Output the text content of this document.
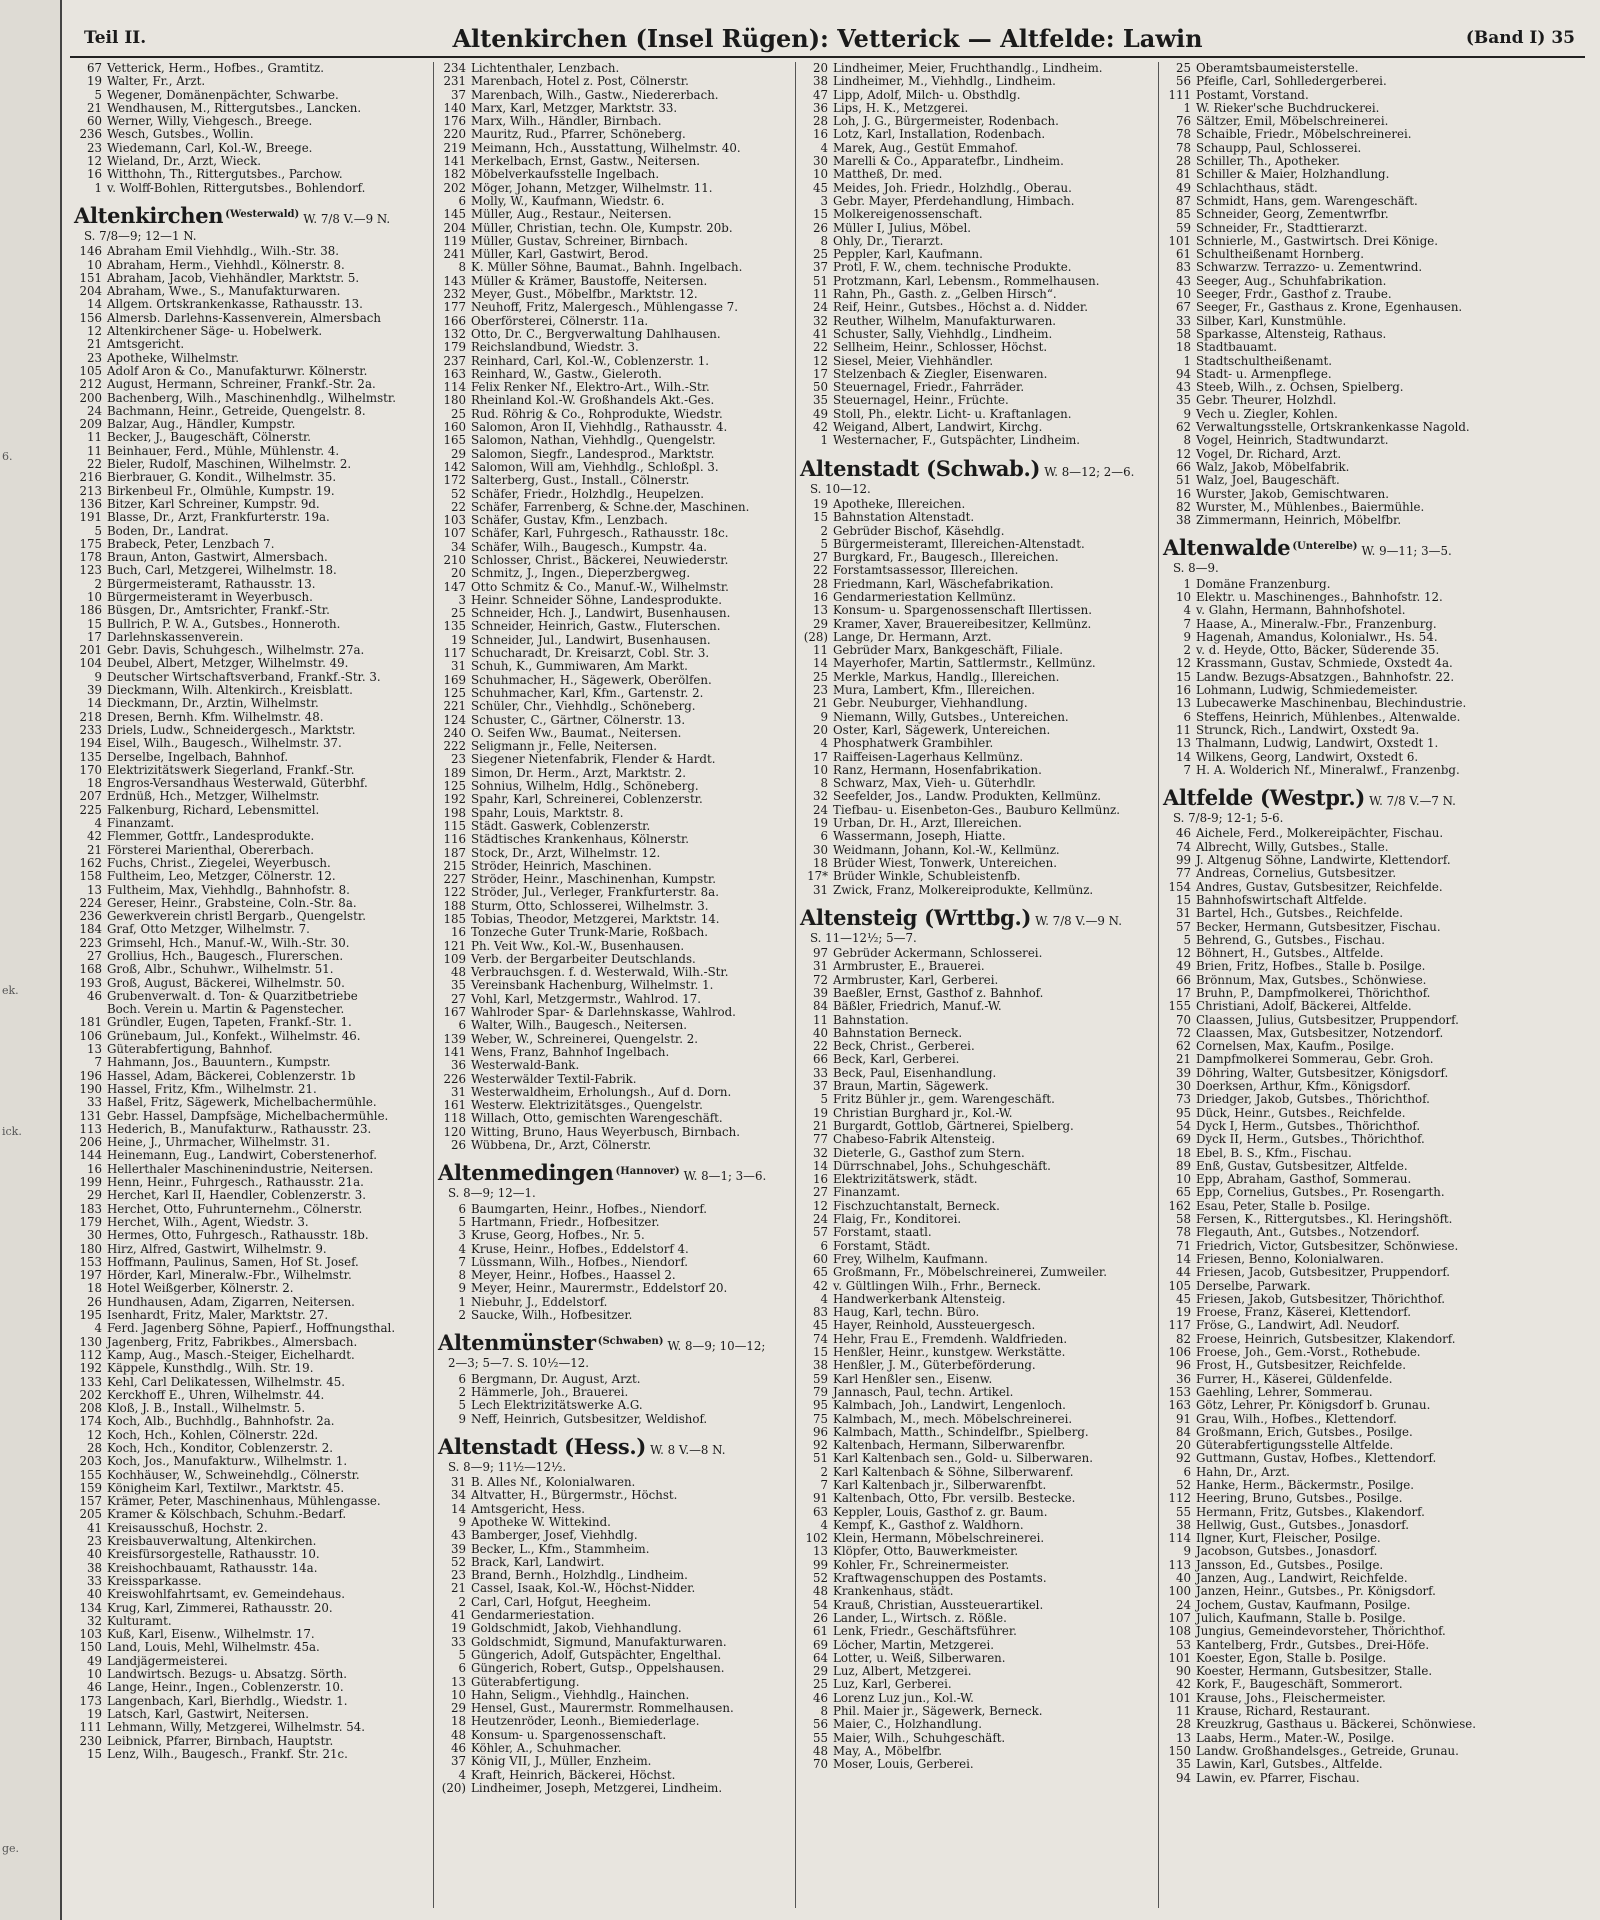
6.
ek.
ick.
ge.
Teil II.	Altenkirchen (Insel Rügen): Vetterick — Altfelde: Lawin	(Band I) 35
67 Vetterick, Herm., Hofbes., Gramtitz.
19 Walter, Fr., Arzt.
5 Wegener, Domänenpächter, Schwarbe.
21 Wendhausen, M., Rittergutsbes., Lancken.
60 Werner, Willy, Viehgesch., Breege.
236 Wesch, Gutsbes., Wollin.
23 Wiedemann, Carl, Kol.-W., Breege.
12 Wieland, Dr., Arzt, Wieck.
16 Witthohn, Th., Rittergutsbes., Parchow.
1 v. Wolff-Bohlen, Rittergutsbes., Bohlendorf.
Altenkirchen $^{(Westerwald)}$ W. 7/8 V.—9 N.
S. 7/8—9; 12—1 N.
146 Abraham Emil Viehhdlg., Wilh.-Str. 38.
10 Abraham, Herm., Viehhdl., Kölnerstr. 8.
151 Abraham, Jacob, Viehhändler, Marktstr. 5.
204 Abraham, Wwe., S., Manufakturwaren.
14 Allgem. Ortskrankenkasse, Rathausstr. 13.
156 Almersb. Darlehns-Kassenverein, Almersbach
12 Altenkirchener Säge- u. Hobelwerk.
21 Amtsgericht.
23 Apotheke, Wilhelmstr.
105 Adolf Aron & Co., Manufakturwr. Kölnerstr.
212 August, Hermann, Schreiner, Frankf.-Str. 2a.
200 Bachenberg, Wilh., Maschinenhdlg., Wilhelmstr.
24 Bachmann, Heinr., Getreide, Quengelstr. 8.
209 Balzar, Aug., Händler, Kumpstr.
11 Becker, J., Baugeschäft, Cölnerstr.
11 Beinhauer, Ferd., Mühle, Mühlenstr. 4.
22 Bieler, Rudolf, Maschinen, Wilhelmstr. 2.
216 Bierbrauer, G. Kondit., Wilhelmstr. 35.
213 Birkenbeul Fr., Ölmühle, Kumpstr. 19.
136 Bitzer, Karl Schreiner, Kumpstr. 9d.
191 Blasse, Dr., Arzt, Frankfurterstr. 19a.
5 Boden, Dr., Landrat.
175 Brabeck, Peter, Lenzbach 7.
178 Braun, Anton, Gastwirt, Almersbach.
123 Buch, Carl, Metzgerei, Wilhelmstr. 18.
2 Bürgermeisteramt, Rathausstr. 13.
10 Bürgermeisteramt in Weyerbusch.
186 Büsgen, Dr., Amtsrichter, Frankf.-Str.
15 Bullrich, P. W. A., Gutsbes., Honneroth.
17 Darlehnskassenverein.
201 Gebr. Davis, Schuhgesch., Wilhelmstr. 27a.
104 Deubel, Albert, Metzger, Wilhelmstr. 49.
9 Deutscher Wirtschaftsverband, Frankf.-Str. 3.
39 Dieckmann, Wilh. Altenkirch., Kreisblatt.
14 Dieckmann, Dr., Ärztin, Wilhelmstr.
218 Dresen, Bernh. Kfm. Wilhelmstr. 48.
233 Driels, Ludw., Schneidergesch., Marktstr.
194 Eisel, Wilh., Baugesch., Wilhelmstr. 37.
135 Derselbe, Ingelbach, Bahnhof.
170 Elektrizitätswerk Siegerland, Frankf.-Str.
18 Engros-Versandhaus Westerwald, Güterbhf.
207 Erdnüß, Hch., Metzger, Wilhelmstr.
225 Falkenburg, Richard, Lebensmittel.
4 Finanzamt.
42 Flemmer, Gottfr., Landesprodukte.
21 Försterei Marienthal, Obererbach.
162 Fuchs, Christ., Ziegelei, Weyerbusch.
158 Fultheim, Leo, Metzger, Cölnerstr. 12.
13 Fultheim, Max, Viehhdlg., Bahnhofstr. 8.
224 Gereser, Heinr., Grabsteine, Coln.-Str. 8a.
236 Gewerkverein christl Bergarb., Quengelstr.
184 Graf, Otto Metzger, Wilhelmstr. 7.
223 Grimsehl, Hch., Manuf.-W., Wilh.-Str. 30.
27 Grollius, Hch., Baugesch., Flurerschen.
168 Groß, Albr., Schuhwr., Wilhelmstr. 51.
193 Groß, August, Bäckerei, Wilhelmstr. 50.
46 Grubenverwalt. d. Ton- & Quarzitbetriebe
Boch. Verein u. Martin & Pagenstecher.
181 Gründler, Eugen, Tapeten, Frankf.-Str. 1.
106 Grünebaum, Jul., Konfekt., Wilhelmstr. 46.
13 Güterabfertigung, Bahnhof.
7 Hahmann, Jos., Bauuntern., Kumpstr.
196 Hassel, Adam, Bäckerei, Coblenzerstr. 1b
190 Hassel, Fritz, Kfm., Wilhelmstr. 21.
33 Haßel, Fritz, Sägewerk, Michelbachermühle.
131 Gebr. Hassel, Dampfsäge, Michelbachermühle.
113 Hederich, B., Manufakturw., Rathausstr. 23.
206 Heine, J., Uhrmacher, Wilhelmstr. 31.
144 Heinemann, Eug., Landwirt, Coberstenerhof.
16 Hellerthaler Maschinenindustrie, Neitersen.
199 Henn, Heinr., Fuhrgesch., Rathausstr. 21a.
29 Herchet, Karl II, Haendler, Coblenzerstr. 3.
183 Herchet, Otto, Fuhrunternehm., Cölnerstr.
179 Herchet, Wilh., Agent, Wiedstr. 3.
30 Hermes, Otto, Fuhrgesch., Rathausstr. 18b.
180 Hirz, Alfred, Gastwirt, Wilhelmstr. 9.
153 Hoffmann, Paulinus, Samen, Hof St. Josef.
197 Hörder, Karl, Mineralw.-Fbr., Wilhelmstr.
18 Hotel Weißgerber, Kölnerstr. 2.
26 Hundhausen, Adam, Zigarren, Neitersen.
195 Isenhardt, Fritz, Maler, Marktstr. 27.
4 Ferd. Jagenberg Söhne, Papierf., Hoffnungsthal.
130 Jagenberg, Fritz, Fabrikbes., Almersbach.
112 Kamp, Aug., Masch.-Steiger, Eichelhardt.
192 Käppele, Kunsthdlg., Wilh. Str. 19.
133 Kehl, Carl Delikatessen, Wilhelmstr. 45.
202 Kerckhoff E., Uhren, Wilhelmstr. 44.
208 Kloß, J. B., Install., Wilhelmstr. 5.
174 Koch, Alb., Buchhdlg., Bahnhofstr. 2a.
12 Koch, Hch., Kohlen, Cölnerstr. 22d.
28 Koch, Hch., Konditor, Coblenzerstr. 2.
203 Koch, Jos., Manufakturw., Wilhelmstr. 1.
155 Kochhäuser, W., Schweinehdlg., Cölnerstr.
159 Königheim Karl, Textilwr., Marktstr. 45.
157 Krämer, Peter, Maschinenhaus, Mühlengasse.
205 Kramer & Kölschbach, Schuhm.-Bedarf.
41 Kreisausschuß, Hochstr. 2.
23 Kreisbauverwaltung, Altenkirchen.
40 Kreisfürsorgestelle, Rathausstr. 10.
38 Kreishochbauamt, Rathausstr. 14a.
33 Kreissparkasse.
40 Kreiswohlfahrtsamt, ev. Gemeindehaus.
134 Krug, Karl, Zimmerei, Rathausstr. 20.
32 Kulturamt.
103 Kuß, Karl, Eisenw., Wilhelmstr. 17.
150 Land, Louis, Mehl, Wilhelmstr. 45a.
49 Landjägermeisterei.
10 Landwirtsch. Bezugs- u. Absatzg. Sörth.
46 Lange, Heinr., Ingen., Coblenzerstr. 10.
173 Langenbach, Karl, Bierhdlg., Wiedstr. 1.
19 Latsch, Karl, Gastwirt, Neitersen.
111 Lehmann, Willy, Metzgerei, Wilhelmstr. 54.
230 Leibnick, Pfarrer, Birnbach, Hauptstr.
15 Lenz, Wilh., Baugesch., Frankf. Str. 21c.
234 Lichtenthaler, Lenzbach.
231 Marenbach, Hotel z. Post, Cölnerstr.
37 Marenbach, Wilh., Gastw., Niedererbach.
140 Marx, Karl, Metzger, Marktstr. 33.
176 Marx, Wilh., Händler, Birnbach.
220 Mauritz, Rud., Pfarrer, Schöneberg.
219 Meimann, Hch., Ausstattung, Wilhelmstr. 40.
141 Merkelbach, Ernst, Gastw., Neitersen.
182 Möbelverkaufsstelle Ingelbach.
202 Möger, Johann, Metzger, Wilhelmstr. 11.
6 Molly, W., Kaufmann, Wiedstr. 6.
145 Müller, Aug., Restaur., Neitersen.
204 Müller, Christian, techn. Öle, Kumpstr. 20b.
119 Müller, Gustav, Schreiner, Birnbach.
241 Müller, Karl, Gastwirt, Berod.
8 K. Müller Söhne, Baumat., Bahnh. Ingelbach.
143 Müller & Krämer, Baustoffe, Neitersen.
232 Meyer, Gust., Möbelfbr., Marktstr. 12.
177 Neuhoff, Fritz, Malergesch., Mühlengasse 7.
166 Oberförsterei, Cölnerstr. 11a.
132 Otto, Dr. C., Bergverwaltung Dahlhausen.
179 Reichslandbund, Wiedstr. 3.
237 Reinhard, Carl, Kol.-W., Coblenzerstr. 1.
163 Reinhard, W., Gastw., Gieleroth.
114 Felix Renker Nf., Elektro-Art., Wilh.-Str.
180 Rheinland Kol.-W. Großhandels Akt.-Ges.
25 Rud. Röhrig & Co., Rohprodukte, Wiedstr.
160 Salomon, Aron II, Viehhdlg., Rathausstr. 4.
165 Salomon, Nathan, Viehhdlg., Quengelstr.
29 Salomon, Siegfr., Landesprod., Marktstr.
142 Salomon, Will am, Viehhdlg., Schloßpl. 3.
172 Salterberg, Gust., Install., Cölnerstr.
52 Schäfer, Friedr., Holzhdlg., Heupelzen.
22 Schäfer, Farrenberg, & Schne.der, Maschinen.
103 Schäfer, Gustav, Kfm., Lenzbach.
107 Schäfer, Karl, Fuhrgesch., Rathausstr. 18c.
34 Schäfer, Wilh., Baugesch., Kumpstr. 4a.
210 Schlosser, Christ., Bäckerei, Neuwiederstr.
20 Schmitz, J., Ingen., Dieperzbergweg.
147 Otto Schmitz & Co., Manuf.-W., Wilhelmstr.
3 Heinr. Schneider Söhne, Landesprodukte.
25 Schneider, Hch. J., Landwirt, Busenhausen.
135 Schneider, Heinrich, Gastw., Fluterschen.
19 Schneider, Jul., Landwirt, Busenhausen.
117 Schucharadt, Dr. Kreisarzt, Cobl. Str. 3.
31 Schuh, K., Gummiwaren, Am Markt.
169 Schuhmacher, H., Sägewerk, Oberölfen.
125 Schuhmacher, Karl, Kfm., Gartenstr. 2.
221 Schüler, Chr., Viehhdlg., Schöneberg.
124 Schuster, C., Gärtner, Cölnerstr. 13.
240 O. Seifen Ww., Baumat., Neitersen.
222 Seligmann jr., Felle, Neitersen.
23 Siegener Nietenfabrik, Flender & Hardt.
189 Simon, Dr. Herm., Arzt, Marktstr. 2.
125 Sohnius, Wilhelm, Hdlg., Schöneberg.
192 Spahr, Karl, Schreinerei, Coblenzerstr.
198 Spahr, Louis, Marktstr. 8.
115 Städt. Gaswerk, Coblenzerstr.
116 Städtisches Krankenhaus, Kölnerstr.
187 Stock, Dr., Arzt, Wilhelmstr. 12.
215 Ströder, Heinrich, Maschinen.
227 Ströder, Heinr., Maschinenhan, Kumpstr.
122 Ströder, Jul., Verleger, Frankfurterstr. 8a.
188 Sturm, Otto, Schlosserei, Wilhelmstr. 3.
185 Tobias, Theodor, Metzgerei, Marktstr. 14.
16 Tonzeche Guter Trunk-Marie, Roßbach.
121 Ph. Veit Ww., Kol.-W., Busenhausen.
109 Verb. der Bergarbeiter Deutschlands.
48 Verbrauchsgen. f. d. Westerwald, Wilh.-Str.
35 Vereinsbank Hachenburg, Wilhelmstr. 1.
27 Vohl, Karl, Metzgermstr., Wahlrod. 17.
167 Wahlroder Spar- & Darlehnskasse, Wahlrod.
6 Walter, Wilh., Baugesch., Neitersen.
139 Weber, W., Schreinerei, Quengelstr. 2.
141 Wens, Franz, Bahnhof Ingelbach.
36 Westerwald-Bank.
226 Westerwälder Textil-Fabrik.
31 Westerwaldheim, Erholungsh., Auf d. Dorn.
161 Westerw. Elektrizitätsges., Quengelstr.
118 Willach, Otto, gemischten Warengeschäft.
120 Witting, Bruno, Haus Weyerbusch, Birnbach.
26 Wübbena, Dr., Arzt, Cölnerstr.
Altenmedingen $^{(Hannover)}$ W. 8—1; 3—6.
S. 8—9; 12—1.
6 Baumgarten, Heinr., Hofbes., Niendorf.
5 Hartmann, Friedr., Hofbesitzer.
3 Kruse, Georg, Hofbes., Nr. 5.
4 Kruse, Heinr., Hofbes., Eddelstorf 4.
7 Lüssmann, Wilh., Hofbes., Niendorf.
8 Meyer, Heinr., Hofbes., Haassel 2.
9 Meyer, Heinr., Maurermstr., Eddelstorf 20.
1 Niebuhr, J., Eddelstorf.
2 Saucke, Wilh., Hofbesitzer.
Altenmünster $^{(Schwaben)}$ W. 8—9; 10—12;
2—3; 5—7. S. 10½—12.
6 Bergmann, Dr. August, Arzt.
2 Hämmerle, Joh., Brauerei.
5 Lech Elektrizitätswerke A.G.
9 Neff, Heinrich, Gutsbesitzer, Weldishof.
Altenstadt (Hess.) W. 8 V.—8 N.
S. 8—9; 11½—12½.
31 B. Alles Nf., Kolonialwaren.
34 Altvatter, H., Bürgermstr., Höchst.
14 Amtsgericht, Hess.
9 Apotheke W. Wittekind.
43 Bamberger, Josef, Viehhdlg.
39 Becker, L., Kfm., Stammheim.
52 Brack, Karl, Landwirt.
23 Brand, Bernh., Holzhdlg., Lindheim.
21 Cassel, Isaak, Kol.-W., Höchst-Nidder.
2 Carl, Carl, Hofgut, Heegheim.
41 Gendarmeriestation.
19 Goldschmidt, Jakob, Viehhandlung.
33 Goldschmidt, Sigmund, Manufakturwaren.
5 Güngerich, Adolf, Gutspächter, Engelthal.
6 Güngerich, Robert, Gutsp., Oppelshausen.
13 Güterabfertigung.
10 Hahn, Seligm., Viehhdlg., Hainchen.
29 Hensel, Gust., Maurermstr. Rommelhausen.
18 Heutzenröder, Leonh., Biemiederlage.
48 Konsum- u. Spargenossenschaft.
46 Köhler, A., Schuhmacher.
37 König VII, J., Müller, Enzheim.
4 Kraft, Heinrich, Bäckerei, Höchst.
(20) Lindheimer, Joseph, Metzgerei, Lindheim.
20 Lindheimer, Meier, Fruchthandlg., Lindheim.
38 Lindheimer, M., Viehhdlg., Lindheim.
47 Lipp, Adolf, Milch- u. Obsthdlg.
36 Lips, H. K., Metzgerei.
28 Loh, J. G., Bürgermeister, Rodenbach.
16 Lotz, Karl, Installation, Rodenbach.
4 Marek, Aug., Gestüt Emmahof.
30 Marelli & Co., Apparatefbr., Lindheim.
10 Mattheß, Dr. med.
45 Meides, Joh. Friedr., Holzhdlg., Oberau.
3 Gebr. Mayer, Pferdehandlung, Himbach.
15 Molkereigenossenschaft.
26 Müller I, Julius, Möbel.
8 Ohly, Dr., Tierarzt.
25 Peppler, Karl, Kaufmann.
37 Protl, F. W., chem. technische Produkte.
51 Protzmann, Karl, Lebensm., Rommelhausen.
11 Rahn, Ph., Gasth. z. „Gelben Hirsch“.
24 Reif, Heinr., Gutsbes., Höchst a. d. Nidder.
32 Reuther, Wilhelm, Manufakturwaren.
41 Schuster, Sally, Viehhdlg., Lindheim.
22 Sellheim, Heinr., Schlosser, Höchst.
12 Siesel, Meier, Viehhändler.
17 Stelzenbach & Ziegler, Eisenwaren.
50 Steuernagel, Friedr., Fahrräder.
35 Steuernagel, Heinr., Früchte.
49 Stoll, Ph., elektr. Licht- u. Kraftanlagen.
42 Weigand, Albert, Landwirt, Kirchg.
1 Westernacher, F., Gutspächter, Lindheim.
Altenstadt (Schwab.) W. 8—12; 2—6.
S. 10—12.
19 Apotheke, Illereichen.
15 Bahnstation Altenstadt.
2 Gebrüder Bischof, Käsehdlg.
5 Bürgermeisteramt, Illereichen-Altenstadt.
27 Burgkard, Fr., Baugesch., Illereichen.
22 Forstamtsassessor, Illereichen.
28 Friedmann, Karl, Wäschefabrikation.
16 Gendarmeriestation Kellmünz.
13 Konsum- u. Spargenossenschaft Illertissen.
29 Kramer, Xaver, Brauereibesitzer, Kellmünz.
(28) Lange, Dr. Hermann, Arzt.
11 Gebrüder Marx, Bankgeschäft, Filiale.
14 Mayerhofer, Martin, Sattlermstr., Kellmünz.
25 Merkle, Markus, Handlg., Illereichen.
23 Mura, Lambert, Kfm., Illereichen.
21 Gebr. Neuburger, Viehhandlung.
9 Niemann, Willy, Gutsbes., Untereichen.
20 Oster, Karl, Sägewerk, Untereichen.
4 Phosphatwerk Grambihler.
17 Raiffeisen-Lagerhaus Kellmünz.
10 Ranz, Hermann, Hosenfabrikation.
8 Schwarz, Max, Vieh- u. Güterhdlr.
32 Seefelder, Jos., Landw. Produkten, Kellmünz.
24 Tiefbau- u. Eisenbeton-Ges., Bauburo Kellmünz.
19 Urban, Dr. H., Arzt, Illereichen.
6 Wassermann, Joseph, Hiatte.
30 Weidmann, Johann, Kol.-W., Kellmünz.
18 Brüder Wiest, Tonwerk, Untereichen.
17* Brüder Winkle, Schubleistenfb.
31 Zwick, Franz, Molkereiprodukte, Kellmünz.
Altensteig (Wrttbg.) W. 7/8 V.—9 N.
S. 11—12½; 5—7.
97 Gebrüder Ackermann, Schlosserei.
31 Armbruster, E., Brauerei.
72 Armbruster, Karl, Gerberei.
39 Baeßler, Ernst, Gasthof z. Bahnhof.
84 Bäßler, Friedrich, Manuf.-W.
11 Bahnstation.
40 Bahnstation Berneck.
22 Beck, Christ., Gerberei.
66 Beck, Karl, Gerberei.
33 Beck, Paul, Eisenhandlung.
37 Braun, Martin, Sägewerk.
5 Fritz Bühler jr., gem. Warengeschäft.
19 Christian Burghard jr., Kol.-W.
21 Burgardt, Gottlob, Gärtnerei, Spielberg.
77 Chabeso-Fabrik Altensteig.
32 Dieterle, G., Gasthof zum Stern.
14 Dürrschnabel, Johs., Schuhgeschäft.
16 Elektrizitätswerk, städt.
27 Finanzamt.
12 Fischzuchtanstalt, Berneck.
24 Flaig, Fr., Konditorei.
57 Forstamt, staatl.
6 Forstamt, Städt.
60 Frey, Wilhelm, Kaufmann.
65 Großmann, Fr., Möbelschreinerei, Zumweiler.
42 v. Gültlingen Wilh., Frhr., Berneck.
4 Handwerkerbank Altensteig.
83 Haug, Karl, techn. Büro.
45 Hayer, Reinhold, Aussteuergesch.
74 Hehr, Frau E., Fremdenh. Waldfrieden.
15 Henßler, Heinr., kunstgew. Werkstätte.
38 Henßler, J. M., Güterbeförderung.
59 Karl Henßler sen., Eisenw.
79 Jannasch, Paul, techn. Artikel.
95 Kalmbach, Joh., Landwirt, Lengenloch.
75 Kalmbach, M., mech. Möbelschreinerei.
96 Kalmbach, Matth., Schindelfbr., Spielberg.
92 Kaltenbach, Hermann, Silberwarenfbr.
51 Karl Kaltenbach sen., Gold- u. Silberwaren.
2 Karl Kaltenbach & Söhne, Silberwarenf.
7 Karl Kaltenbach jr., Silberwarenfbt.
91 Kaltenbach, Otto, Fbr. versilb. Bestecke.
63 Keppler, Louis, Gasthof z. gr. Baum.
4 Kempf, K., Gasthof z. Waldhorn.
102 Klein, Hermann, Möbelschreinerei.
13 Klöpfer, Otto, Bauwerkmeister.
99 Kohler, Fr., Schreinermeister.
52 Kraftwagenschuppen des Postamts.
48 Krankenhaus, städt.
54 Krauß, Christian, Aussteuerartikel.
26 Lander, L., Wirtsch. z. Rößle.
61 Lenk, Friedr., Geschäftsführer.
69 Löcher, Martin, Metzgerei.
64 Lotter, u. Weiß, Silberwaren.
29 Luz, Albert, Metzgerei.
25 Luz, Karl, Gerberei.
46 Lorenz Luz jun., Kol.-W.
8 Phil. Maier jr., Sägewerk, Berneck.
56 Maier, C., Holzhandlung.
55 Maier, Wilh., Schuhgeschäft.
48 May, A., Möbelfbr.
70 Moser, Louis, Gerberei.
25 Oberamtsbaumeisterstelle.
56 Pfeifle, Carl, Sohlledergerberei.
111 Postamt, Vorstand.
1 W. Rieker'sche Buchdruckerei.
76 Sältzer, Emil, Möbelschreinerei.
78 Schaible, Friedr., Möbelschreinerei.
78 Schaupp, Paul, Schlosserei.
28 Schiller, Th., Apotheker.
81 Schiller & Maier, Holzhandlung.
49 Schlachthaus, städt.
87 Schmidt, Hans, gem. Warengeschäft.
85 Schneider, Georg, Zementwrfbr.
59 Schneider, Fr., Stadttierarzt.
101 Schnierle, M., Gastwirtsch. Drei Könige.
61 Schultheißenamt Hornberg.
83 Schwarzw. Terrazzo- u. Zementwrind.
43 Seeger, Aug., Schuhfabrikation.
10 Seeger, Frdr., Gasthof z. Traube.
67 Seeger, Fr., Gasthaus z. Krone, Egenhausen.
33 Silber, Karl, Kunstmühle.
58 Sparkasse, Altensteig, Rathaus.
18 Stadtbauamt.
1 Stadtschultheißenamt.
94 Stadt- u. Armenpflege.
43 Steeb, Wilh., z. Ochsen, Spielberg.
35 Gebr. Theurer, Holzhdl.
9 Vech u. Ziegler, Kohlen.
62 Verwaltungsstelle, Ortskrankenkasse Nagold.
8 Vogel, Heinrich, Stadtwundarzt.
12 Vogel, Dr. Richard, Arzt.
66 Walz, Jakob, Möbelfabrik.
51 Walz, Joel, Baugeschäft.
16 Wurster, Jakob, Gemischtwaren.
82 Wurster, M., Mühlenbes., Baiermühle.
38 Zimmermann, Heinrich, Möbelfbr.
Altenwalde $^{(Unterelbe)}$ W. 9—11; 3—5.
S. 8—9.
1 Domäne Franzenburg.
10 Elektr. u. Maschinenges., Bahnhofstr. 12.
4 v. Glahn, Hermann, Bahnhofshotel.
7 Haase, A., Mineralw.-Fbr., Franzenburg.
9 Hagenah, Amandus, Kolonialwr., Hs. 54.
2 v. d. Heyde, Otto, Bäcker, Süderende 35.
12 Krassmann, Gustav, Schmiede, Oxstedt 4a.
15 Landw. Bezugs-Absatzgen., Bahnhofstr. 22.
16 Lohmann, Ludwig, Schmiedemeister.
13 Lubecawerke Maschinenbau, Blechindustrie.
6 Steffens, Heinrich, Mühlenbes., Altenwalde.
11 Strunck, Rich., Landwirt, Oxstedt 9a.
13 Thalmann, Ludwig, Landwirt, Oxstedt 1.
14 Wilkens, Georg, Landwirt, Oxstedt 6.
7 H. A. Wolderich Nf., Mineralwf., Franzenbg.
Altfelde (Westpr.) W. 7/8 V.—7 N.
S. 7/8-9; 12-1; 5-6.
46 Aichele, Ferd., Molkereipächter, Fischau.
74 Albrecht, Willy, Gutsbes., Stalle.
99 J. Altgenug Söhne, Landwirte, Klettendorf.
77 Andreas, Cornelius, Gutsbesitzer.
154 Andres, Gustav, Gutsbesitzer, Reichfelde.
15 Bahnhofswirtschaft Altfelde.
31 Bartel, Hch., Gutsbes., Reichfelde.
57 Becker, Hermann, Gutsbesitzer, Fischau.
5 Behrend, G., Gutsbes., Fischau.
12 Böhnert, H., Gutsbes., Altfelde.
49 Brien, Fritz, Hofbes., Stalle b. Posilge.
66 Brönnum, Max, Gutsbes., Schönwiese.
17 Bruhn, P., Dampfmolkerei, Thörichthof.
155 Christiani, Adolf, Bäckerei, Altfelde.
70 Claassen, Julius, Gutsbesitzer, Pruppendorf.
72 Claassen, Max, Gutsbesitzer, Notzendorf.
62 Cornelsen, Max, Kaufm., Posilge.
21 Dampfmolkerei Sommerau, Gebr. Groh.
39 Döhring, Walter, Gutsbesitzer, Königsdorf.
30 Doerksen, Arthur, Kfm., Königsdorf.
73 Driedger, Jakob, Gutsbes., Thörichthof.
95 Dück, Heinr., Gutsbes., Reichfelde.
54 Dyck I, Herm., Gutsbes., Thörichthof.
69 Dyck II, Herm., Gutsbes., Thörichthof.
18 Ebel, B. S., Kfm., Fischau.
89 Enß, Gustav, Gutsbesitzer, Altfelde.
10 Epp, Abraham, Gasthof, Sommerau.
65 Epp, Cornelius, Gutsbes., Pr. Rosengarth.
162 Esau, Peter, Stalle b. Posilge.
58 Fersen, K., Rittergutsbes., Kl. Heringshöft.
78 Flegauth, Ant., Gutsbes., Notzendorf.
71 Friedrich, Victor, Gutsbesitzer, Schönwiese.
14 Friesen, Benno, Kolonialwaren.
44 Friesen, Jacob, Gutsbesitzer, Pruppendorf.
105 Derselbe, Parwark.
45 Friesen, Jakob, Gutsbesitzer, Thörichthof.
19 Froese, Franz, Käserei, Klettendorf.
117 Fröse, G., Landwirt, Adl. Neudorf.
82 Froese, Heinrich, Gutsbesitzer, Klakendorf.
106 Froese, Joh., Gem.-Vorst., Rothebude.
96 Frost, H., Gutsbesitzer, Reichfelde.
36 Furrer, H., Käserei, Güldenfelde.
153 Gaehling, Lehrer, Sommerau.
163 Götz, Lehrer, Pr. Königsdorf b. Grunau.
91 Grau, Wilh., Hofbes., Klettendorf.
84 Großmann, Erich, Gutsbes., Posilge.
20 Güterabfertigungsstelle Altfelde.
92 Guttmann, Gustav, Hofbes., Klettendorf.
6 Hahn, Dr., Arzt.
52 Hanke, Herm., Bäckermstr., Posilge.
112 Heering, Bruno, Gutsbes., Posilge.
55 Hermann, Fritz, Gutsbes., Klakendorf.
38 Hellwig, Gust., Gutsbes., Jonasdorf.
114 Ilgner, Kurt, Fleischer, Posilge.
9 Jacobson, Gutsbes., Jonasdorf.
113 Jansson, Ed., Gutsbes., Posilge.
40 Janzen, Aug., Landwirt, Reichfelde.
100 Janzen, Heinr., Gutsbes., Pr. Königsdorf.
24 Jochem, Gustav, Kaufmann, Posilge.
107 Julich, Kaufmann, Stalle b. Posilge.
108 Jungius, Gemeindevorsteher, Thörichthof.
53 Kantelberg, Frdr., Gutsbes., Drei-Höfe.
101 Koester, Egon, Stalle b. Posilge.
90 Koester, Hermann, Gutsbesitzer, Stalle.
42 Kork, F., Baugeschäft, Sommerort.
101 Krause, Johs., Fleischermeister.
11 Krause, Richard, Restaurant.
28 Kreuzkrug, Gasthaus u. Bäckerei, Schönwiese.
13 Laabs, Herm., Mater.-W., Posilge.
150 Landw. Großhandelsges., Getreide, Grunau.
35 Lawin, Karl, Gutsbes., Altfelde.
94 Lawin, ev. Pfarrer, Fischau.
